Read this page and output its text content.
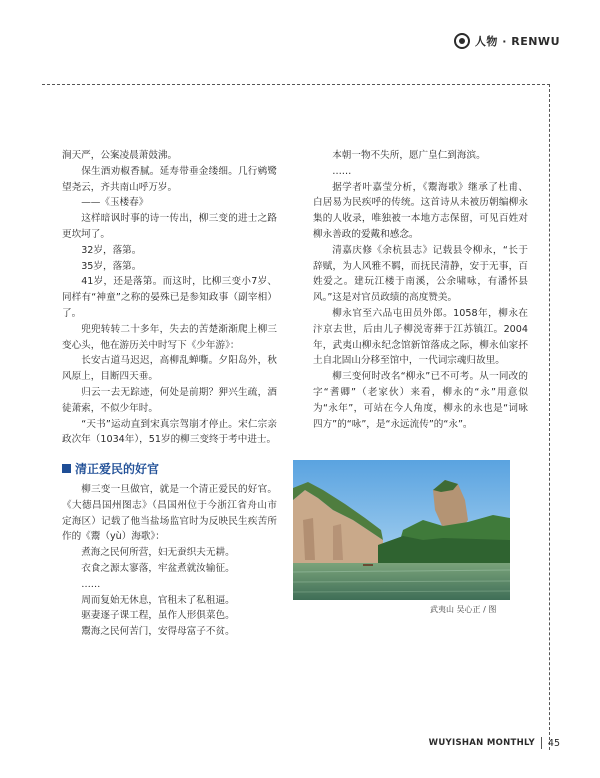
人物 · RENWU

涧天严，公案凌晨萧鼓沸。

保生酒劝椒香腻。延寿带垂金缕细。几行鹓鹭望尧云，齐共南山呼万岁。

——《玉楼春》

这样暗讽时事的诗一传出，柳三变的进士之路更坎坷了。

32岁，落第。

35岁，落第。

41岁，还是落第。而这时，比柳三变小7岁、同样有“神童”之称的晏殊已是参知政事（副宰相）了。

兜兜转转二十多年，失去的苦楚渐渐爬上柳三变心头，他在游历关中时写下《少年游》：

长安古道马迟迟，高柳乱蝉嘶。夕阳岛外，秋风原上，目断四天垂。

归云一去无踪迹，何处是前期？狎兴生疏，酒徒萧索，不似少年时。

“天书”运动直到宋真宗驾崩才停止。宋仁宗亲政次年（1034年），51岁的柳三变终于考中进士。

本朝一物不失所，愿广皇仁到海滨。

……

据学者叶嘉莹分析，《鬻海歌》继承了杜甫、白居易为民疾呼的传统。这首诗从未被历朝编柳永集的人收录，唯独被一本地方志保留，可见百姓对柳永善政的爱戴和感念。

清嘉庆修《余杭县志》记载县令柳永，“长于辞赋，为人风雅不羁，而抚民清静，安于无事，百姓爱之。建玩江楼于南溪，公余啸咏，有潘怀县风。”这是对官员政绩的高度赞美。

柳永官至六品屯田员外郎。1058年，柳永在汴京去世，后由儿子柳涚寄葬于江苏镇江。2004年，武夷山柳永纪念馆新馆落成之际，柳永仙家抔土自北固山分移至馆中，一代词宗魂归故里。

柳三变何时改名“柳永”已不可考。从一同改的字“耆卿”（老家伙）来看，柳永的“永”用意似为“永年”，可站在今人角度，柳永的永也是“词咏四方”的“咏”，是“永远流传”的“永”。

清正爱民的好官

柳三变一旦做官，就是一个清正爱民的好官。《大德昌国州图志》（昌国州位于今浙江省舟山市定海区）记载了他当盐场监官时为反映民生疾苦所作的《鬻（yù）海歌》：

煮海之民何所营，妇无蚕织夫无耕。

衣食之源太寥落，牢盆煮就汝输征。

……

周而复始无休息，官租未了私租逼。

驱妻逐子课工程，虽作人形俱菜色。

鬻海之民何苦门，安得母富子不贫。

武夷山 吴心正 / 图
WUYISHAN MONTHLY 45
